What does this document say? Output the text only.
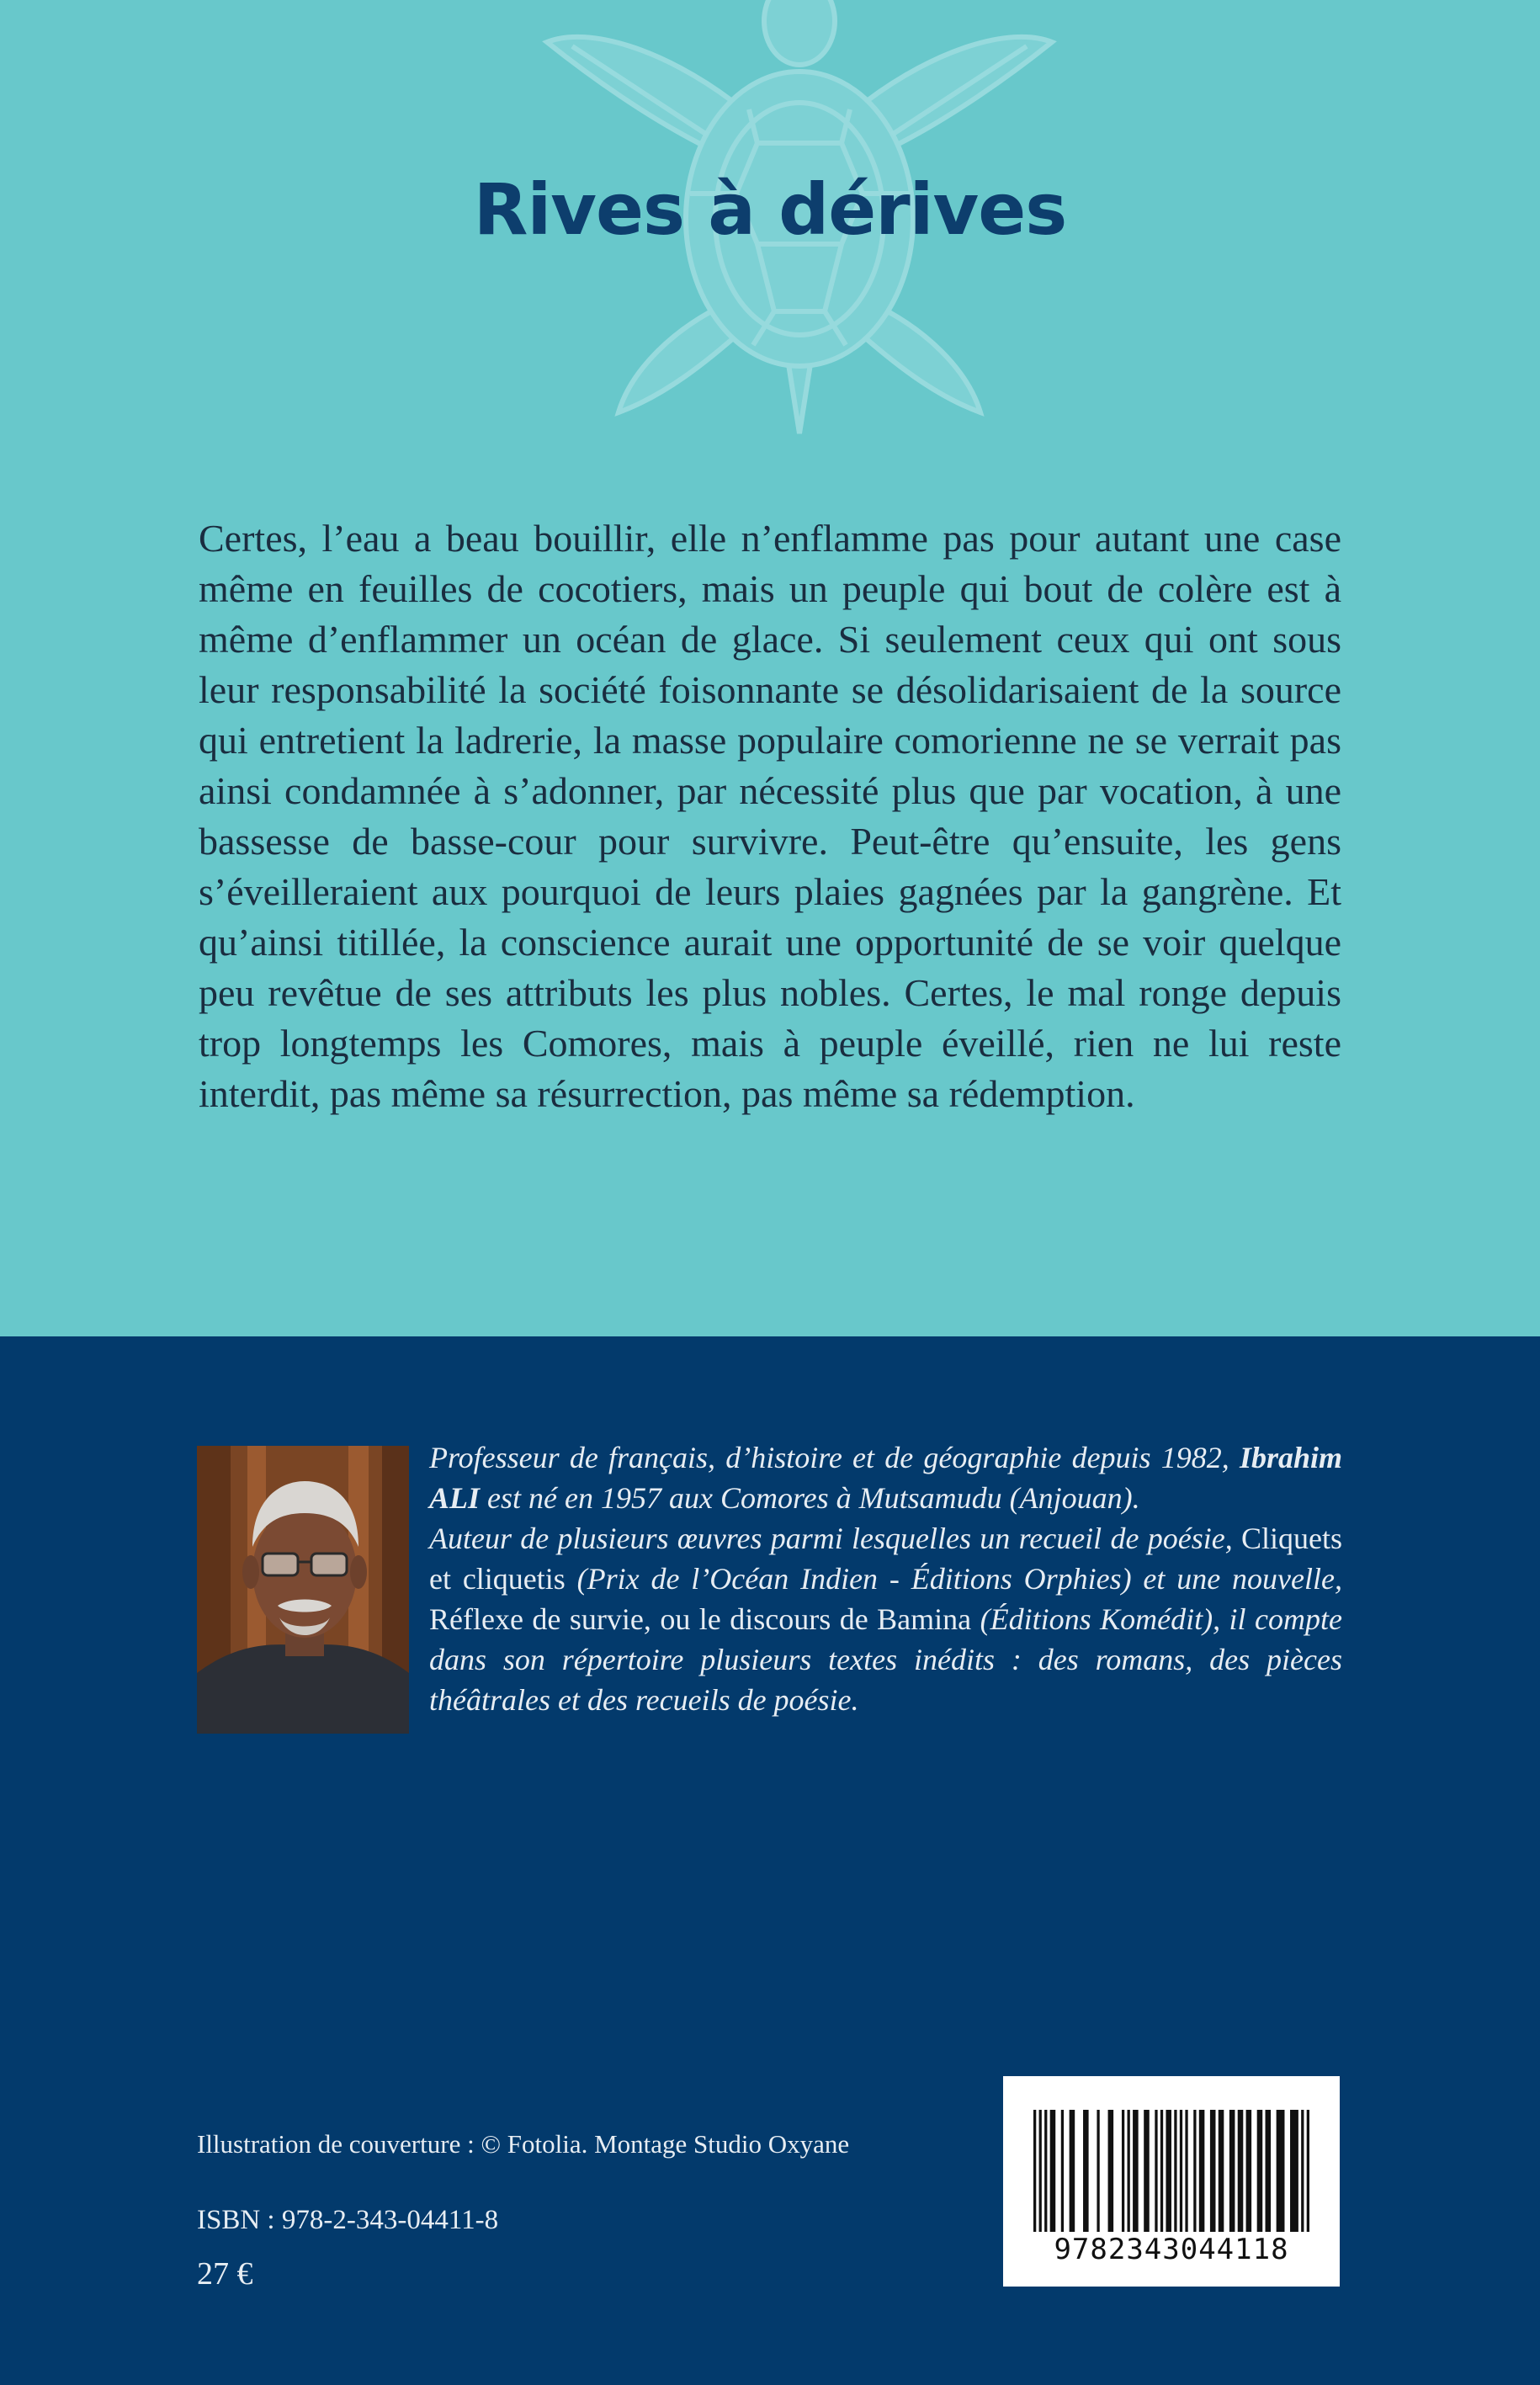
Rives à dérives

Certes, l’eau a beau bouillir, elle n’enflamme pas pour autant une case même en feuilles de cocotiers, mais un peuple qui bout de colère est à même d’enflammer un océan de glace. Si seulement ceux qui ont sous leur responsabilité la société foisonnante se désolidarisaient de la source qui entretient la ladrerie, la masse populaire comorienne ne se verrait pas ainsi condamnée à s’adonner, par nécessité plus que par vocation, à une bassesse de basse-cour pour survivre. Peut-être qu’ensuite, les gens s’éveilleraient aux pourquoi de leurs plaies gagnées par la gangrène. Et qu’ainsi titillée, la conscience aurait une opportunité de se voir quelque peu revêtue de ses attributs les plus nobles. Certes, le mal ronge depuis trop longtemps les Comores, mais à peuple éveillé, rien ne lui reste interdit, pas même sa résurrection, pas même sa rédemption.

Professeur de français, d’histoire et de géographie depuis 1982, Ibrahim ALI est né en 1957 aux Comores à Mutsamudu (Anjouan).
Auteur de plusieurs œuvres parmi lesquelles un recueil de poésie, Cliquets et cliquetis (Prix de l’Océan Indien - Éditions Orphies) et une nouvelle, Réflexe de survie, ou le discours de Bamina (Éditions Komédit), il compte dans son répertoire plusieurs textes inédits : des romans, des pièces théâtrales et des recueils de poésie.

Illustration de couverture : © Fotolia. Montage Studio Oxyane

ISBN : 978-2-343-04411-8

27 €

9782343044118
